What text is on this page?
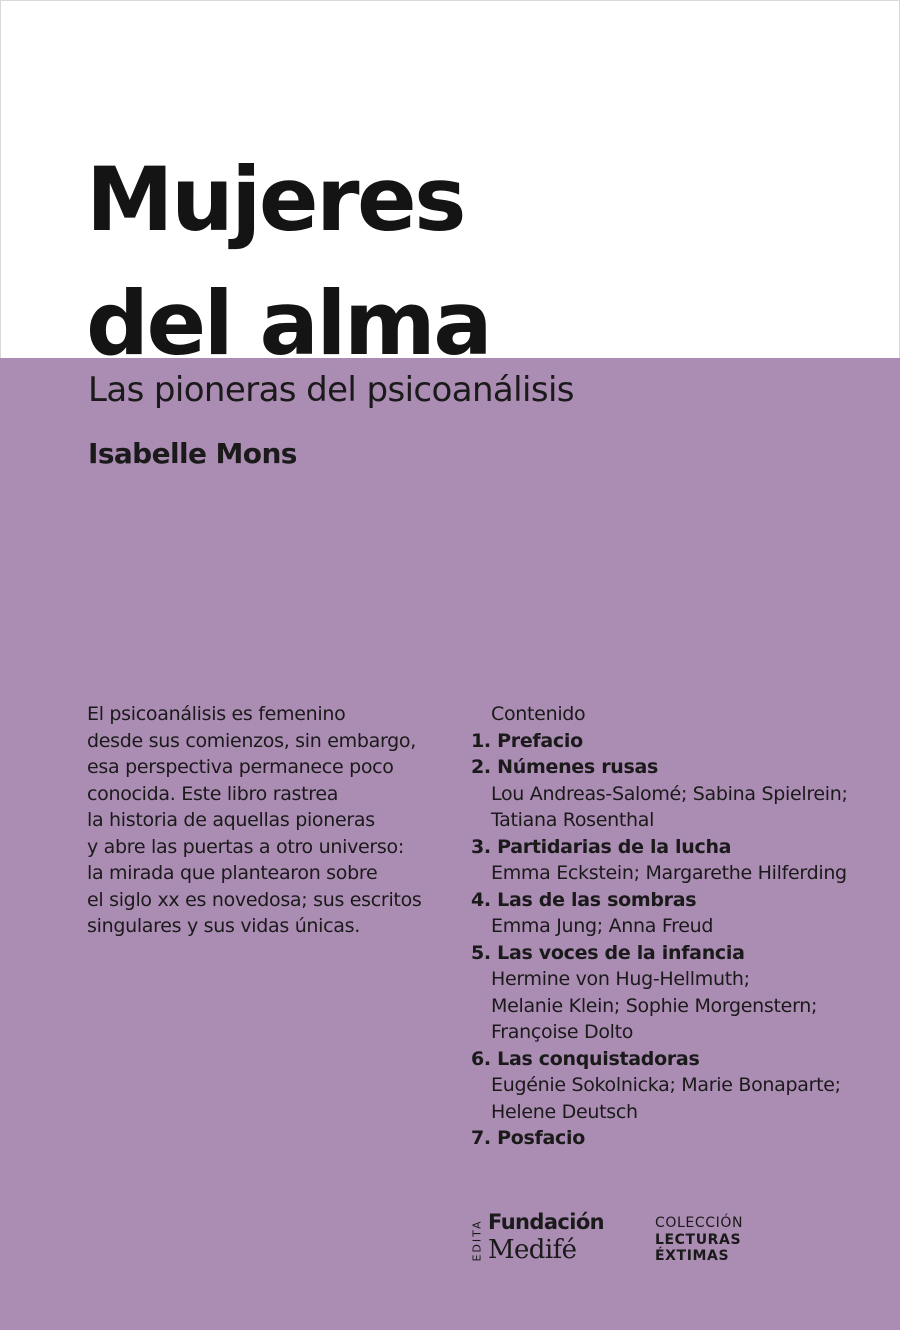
Mujeres
del alma
Las pioneras del psicoanálisis
Isabelle Mons
El psicoanálisis es femenino
desde sus comienzos, sin embargo,
esa perspectiva permanece poco
conocida. Este libro rastrea
la historia de aquellas pioneras
y abre las puertas a otro universo:
la mirada que plantearon sobre
el siglo xx es novedosa; sus escritos
singulares y sus vidas únicas.
Contenido
1. Prefacio
2. Númenes rusas
Lou Andreas-Salomé; Sabina Spielrein;
Tatiana Rosenthal
3. Partidarias de la lucha
Emma Eckstein; Margarethe Hilferding
4. Las de las sombras
Emma Jung; Anna Freud
5. Las voces de la infancia
Hermine von Hug-Hellmuth;
Melanie Klein; Sophie Morgenstern;
Françoise Dolto
6. Las conquistadoras
Eugénie Sokolnicka; Marie Bonaparte;
Helene Deutsch
7. Posfacio
EDITA Fundación
Medifé
COLECCIÓN
LECTURAS
ÉXTIMAS
